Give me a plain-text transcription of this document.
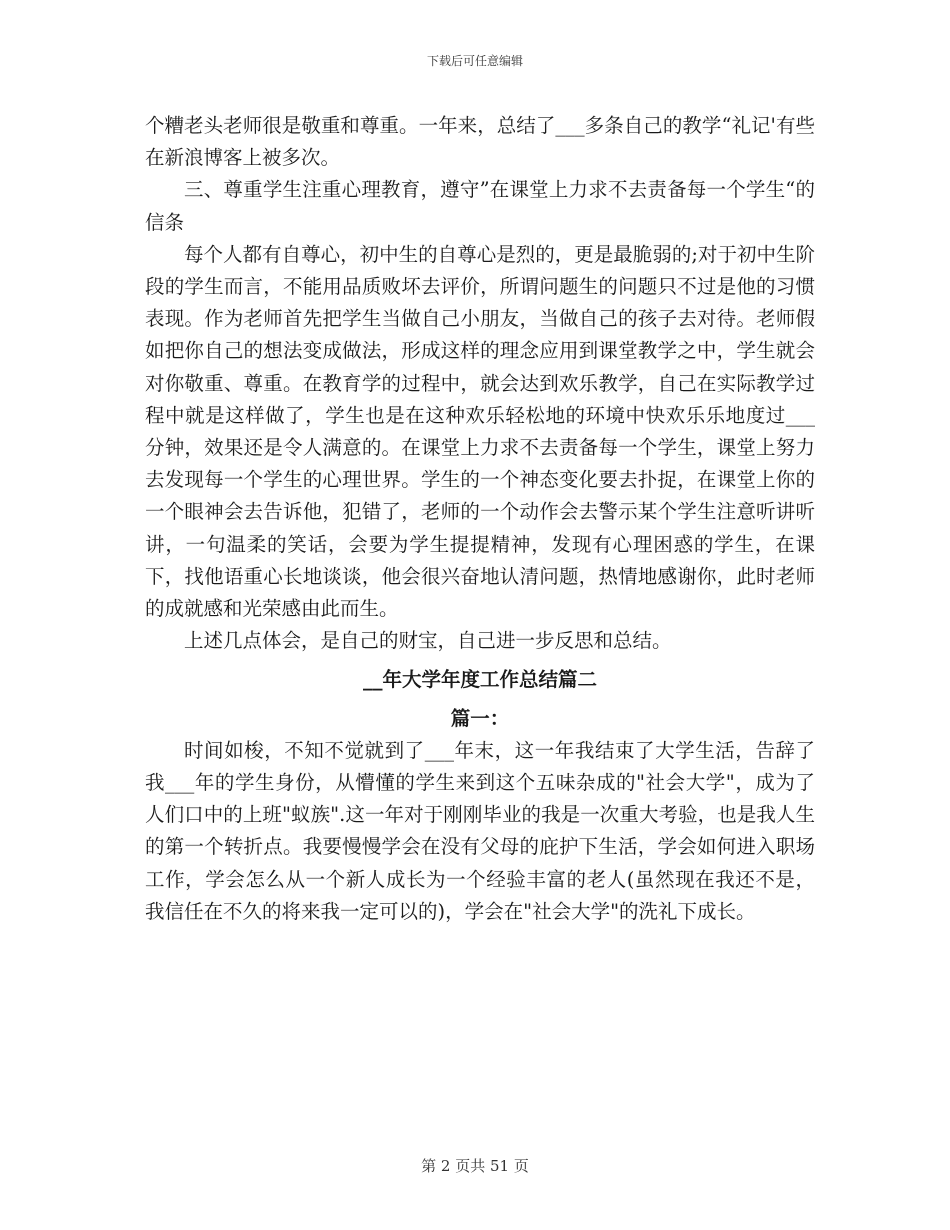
下载后可任意编辑

个糟老头老师很是敬重和尊重。一年来，总结了___多条自己的教学“礼记'有些在新浪博客上被多次。

三、尊重学生注重心理教育，遵守”在课堂上力求不去责备每一个学生“的信条

每个人都有自尊心，初中生的自尊心是烈的，更是最脆弱的;对于初中生阶段的学生而言，不能用品质败坏去评价，所谓问题生的问题只不过是他的习惯表现。作为老师首先把学生当做自己小朋友，当做自己的孩子去对待。老师假如把你自己的想法变成做法，形成这样的理念应用到课堂教学之中，学生就会对你敬重、尊重。在教育学的过程中，就会达到欢乐教学，自己在实际教学过程中就是这样做了，学生也是在这种欢乐轻松地的环境中快欢乐乐地度过___分钟，效果还是令人满意的。在课堂上力求不去责备每一个学生，课堂上努力去发现每一个学生的心理世界。学生的一个神态变化要去扑捉，在课堂上你的一个眼神会去告诉他，犯错了，老师的一个动作会去警示某个学生注意听讲听讲，一句温柔的笑话，会要为学生提提精神，发现有心理困惑的学生，在课下，找他语重心长地谈谈，他会很兴奋地认清问题，热情地感谢你，此时老师的成就感和光荣感由此而生。

上述几点体会，是自己的财宝，自己进一步反思和总结。

__年大学年度工作总结篇二

篇一：

时间如梭，不知不觉就到了___年末，这一年我结束了大学生活，告辞了我___年的学生身份，从懵懂的学生来到这个五味杂成的"社会大学"，成为了人们口中的上班"蚁族".这一年对于刚刚毕业的我是一次重大考验，也是我人生的第一个转折点。我要慢慢学会在没有父母的庇护下生活，学会如何进入职场工作，学会怎么从一个新人成长为一个经验丰富的老人(虽然现在我还不是，我信任在不久的将来我一定可以的)，学会在"社会大学"的洗礼下成长。

第 2 页共 51 页
